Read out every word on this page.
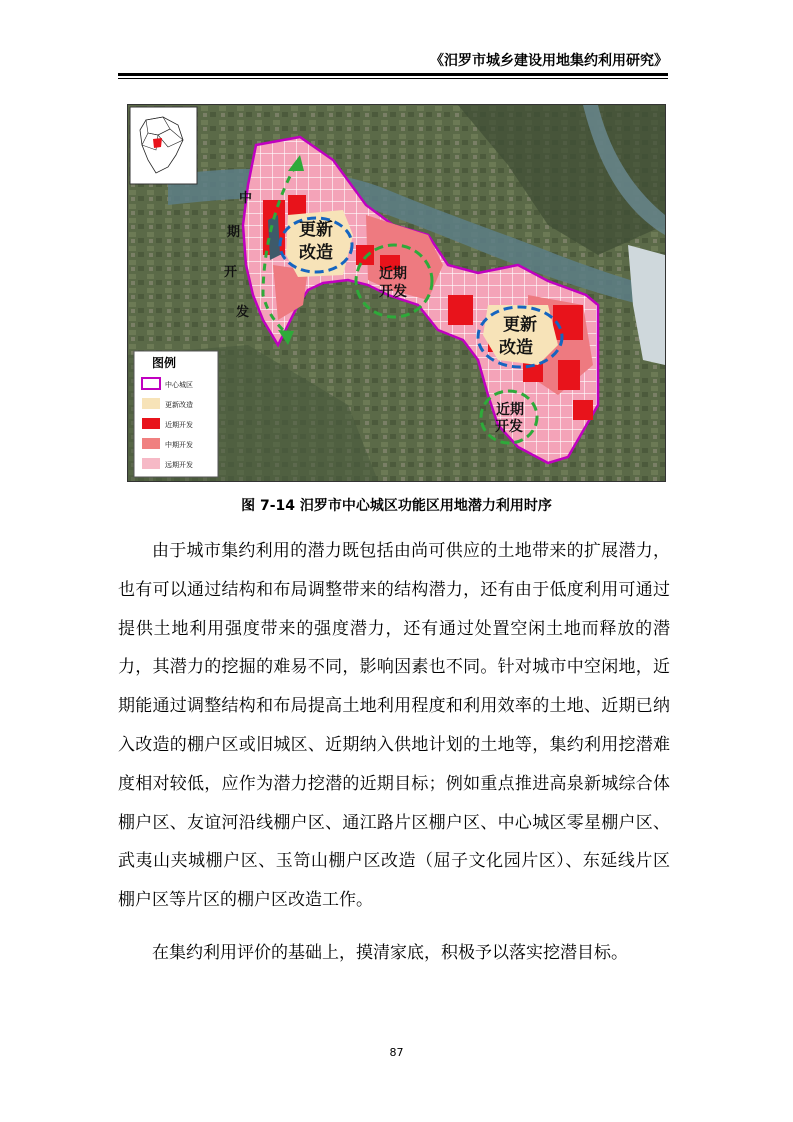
《汨罗市城乡建设用地集约利用研究》
更新
改造
更新
改造
近期
开发
近期
开发
中
期
开
发
图例
中心城区
更新改造
近期开发
中期开发
远期开发
图 7-14 汨罗市中心城区功能区用地潜力利用时序

由于城市集约利用的潜力既包括由尚可供应的土地带来的扩展潜力，也有可以通过结构和布局调整带来的结构潜力，还有由于低度利用可通过提供土地利用强度带来的强度潜力，还有通过处置空闲土地而释放的潜力，其潜力的挖掘的难易不同，影响因素也不同。针对城市中空闲地，近期能通过调整结构和布局提高土地利用程度和利用效率的土地、近期已纳入改造的棚户区或旧城区、近期纳入供地计划的土地等，集约利用挖潜难度相对较低，应作为潜力挖潜的近期目标；例如重点推进高泉新城综合体棚户区、友谊河沿线棚户区、通江路片区棚户区、中心城区零星棚户区、武夷山夹城棚户区、玉笥山棚户区改造（屈子文化园片区）、东延线片区棚户区等片区的棚户区改造工作。

在集约利用评价的基础上，摸清家底，积极予以落实挖潜目标。

87
